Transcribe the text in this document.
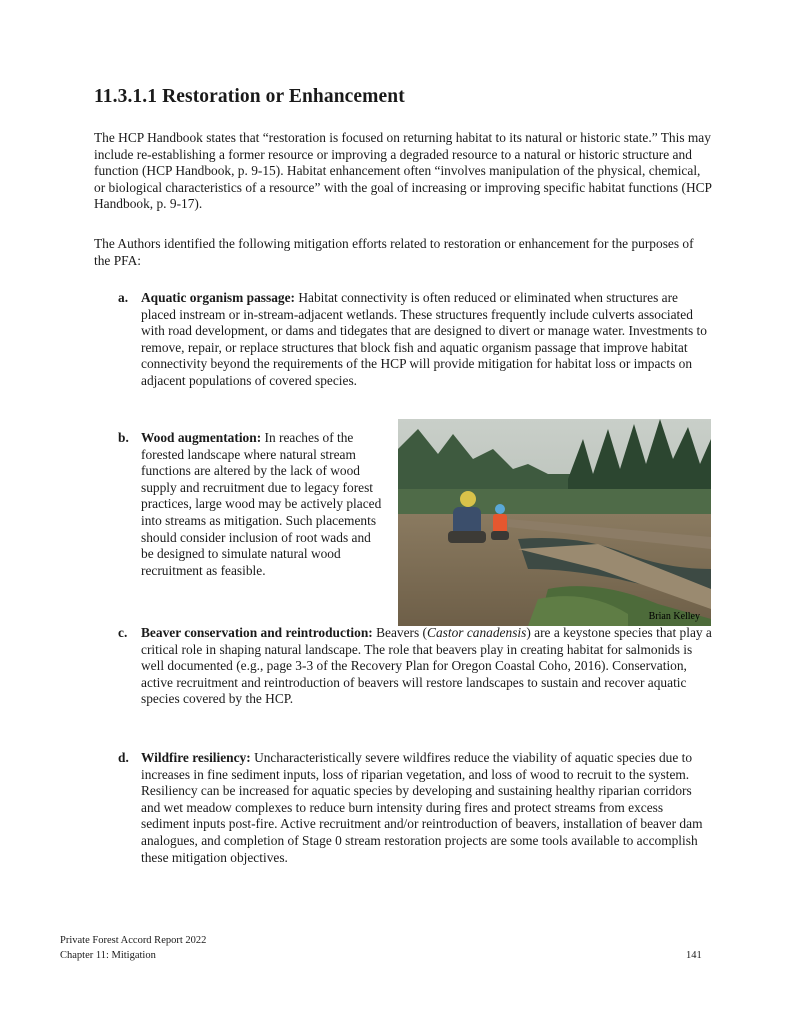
11.3.1.1 Restoration or Enhancement

The HCP Handbook states that “restoration is focused on returning habitat to its natural or historic state.” This may include re-establishing a former resource or improving a degraded resource to a natural or historic structure and function (HCP Handbook, p. 9-15). Habitat enhancement often “involves manipulation of the physical, chemical, or biological characteristics of a resource” with the goal of increasing or improving specific habitat functions (HCP Handbook, p. 9-17).

The Authors identified the following mitigation efforts related to restoration or enhancement for the purposes of the PFA:

a. Aquatic organism passage: Habitat connectivity is often reduced or eliminated when structures are placed instream or in-stream-adjacent wetlands. These structures frequently include culverts associated with road development, or dams and tidegates that are designed to divert or manage water. Investments to remove, repair, or replace structures that block fish and aquatic organism passage that improve habitat connectivity beyond the requirements of the HCP will provide mitigation for habitat loss or impacts on adjacent populations of covered species.
b. Wood augmentation: In reaches of the forested landscape where natural stream functions are altered by the lack of wood supply and recruitment due to legacy forest practices, large wood may be actively placed into streams as mitigation. Such placements should consider inclusion of root wads and be designed to simulate natural wood recruitment as feasible.
Brian Kelley
c. Beaver conservation and reintroduction: Beavers (Castor canadensis) are a keystone species that play a critical role in shaping natural landscape. The role that beavers play in creating habitat for salmonids is well documented (e.g., page 3-3 of the Recovery Plan for Oregon Coastal Coho, 2016). Conservation, active recruitment and reintroduction of beavers will restore landscapes to sustain and recover aquatic species covered by the HCP.
d. Wildfire resiliency: Uncharacteristically severe wildfires reduce the viability of aquatic species due to increases in fine sediment inputs, loss of riparian vegetation, and loss of wood to recruit to the system. Resiliency can be increased for aquatic species by developing and sustaining healthy riparian corridors and wet meadow complexes to reduce burn intensity during fires and protect streams from excess sediment inputs post-fire. Active recruitment and/or reintroduction of beavers, installation of beaver dam analogues, and completion of Stage 0 stream restoration projects are some tools available to accomplish these mitigation objectives.
Private Forest Accord Report 2022
Chapter 11: Mitigation	141
